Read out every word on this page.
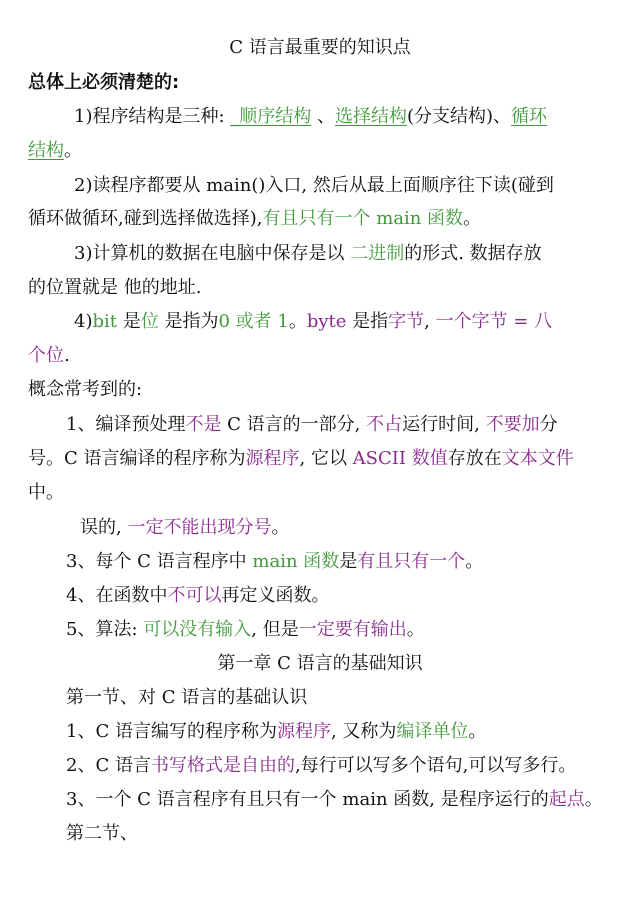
C 语言最重要的知识点
总体上必须清楚的:
1)程序结构是三种: _顺序结构 、选择结构(分支结构)、循环
结构。
2)读程序都要从 main()入口, 然后从最上面顺序往下读(碰到
循环做循环,碰到选择做选择),有且只有一个 main 函数。
3)计算机的数据在电脑中保存是以 二进制的形式. 数据存放
的位置就是 他的地址.
4)bit 是位 是指为0 或者 1。byte 是指字节, 一个字节 = 八
个位.
概念常考到的:
1、编译预处理不是 C 语言的一部分, 不占运行时间, 不要加分
号。C 语言编译的程序称为源程序, 它以 ASCII 数值存放在文本文件
中。
误的, 一定不能出现分号。
3、每个 C 语言程序中 main 函数是有且只有一个。
4、在函数中不可以再定义函数。
5、算法: 可以没有输入, 但是一定要有输出。
第一章 C 语言的基础知识
第一节、对 C 语言的基础认识
1、C 语言编写的程序称为源程序, 又称为编译单位。
2、C 语言书写格式是自由的,每行可以写多个语句,可以写多行。
3、一个 C 语言程序有且只有一个 main 函数, 是程序运行的起点。
第二节、
